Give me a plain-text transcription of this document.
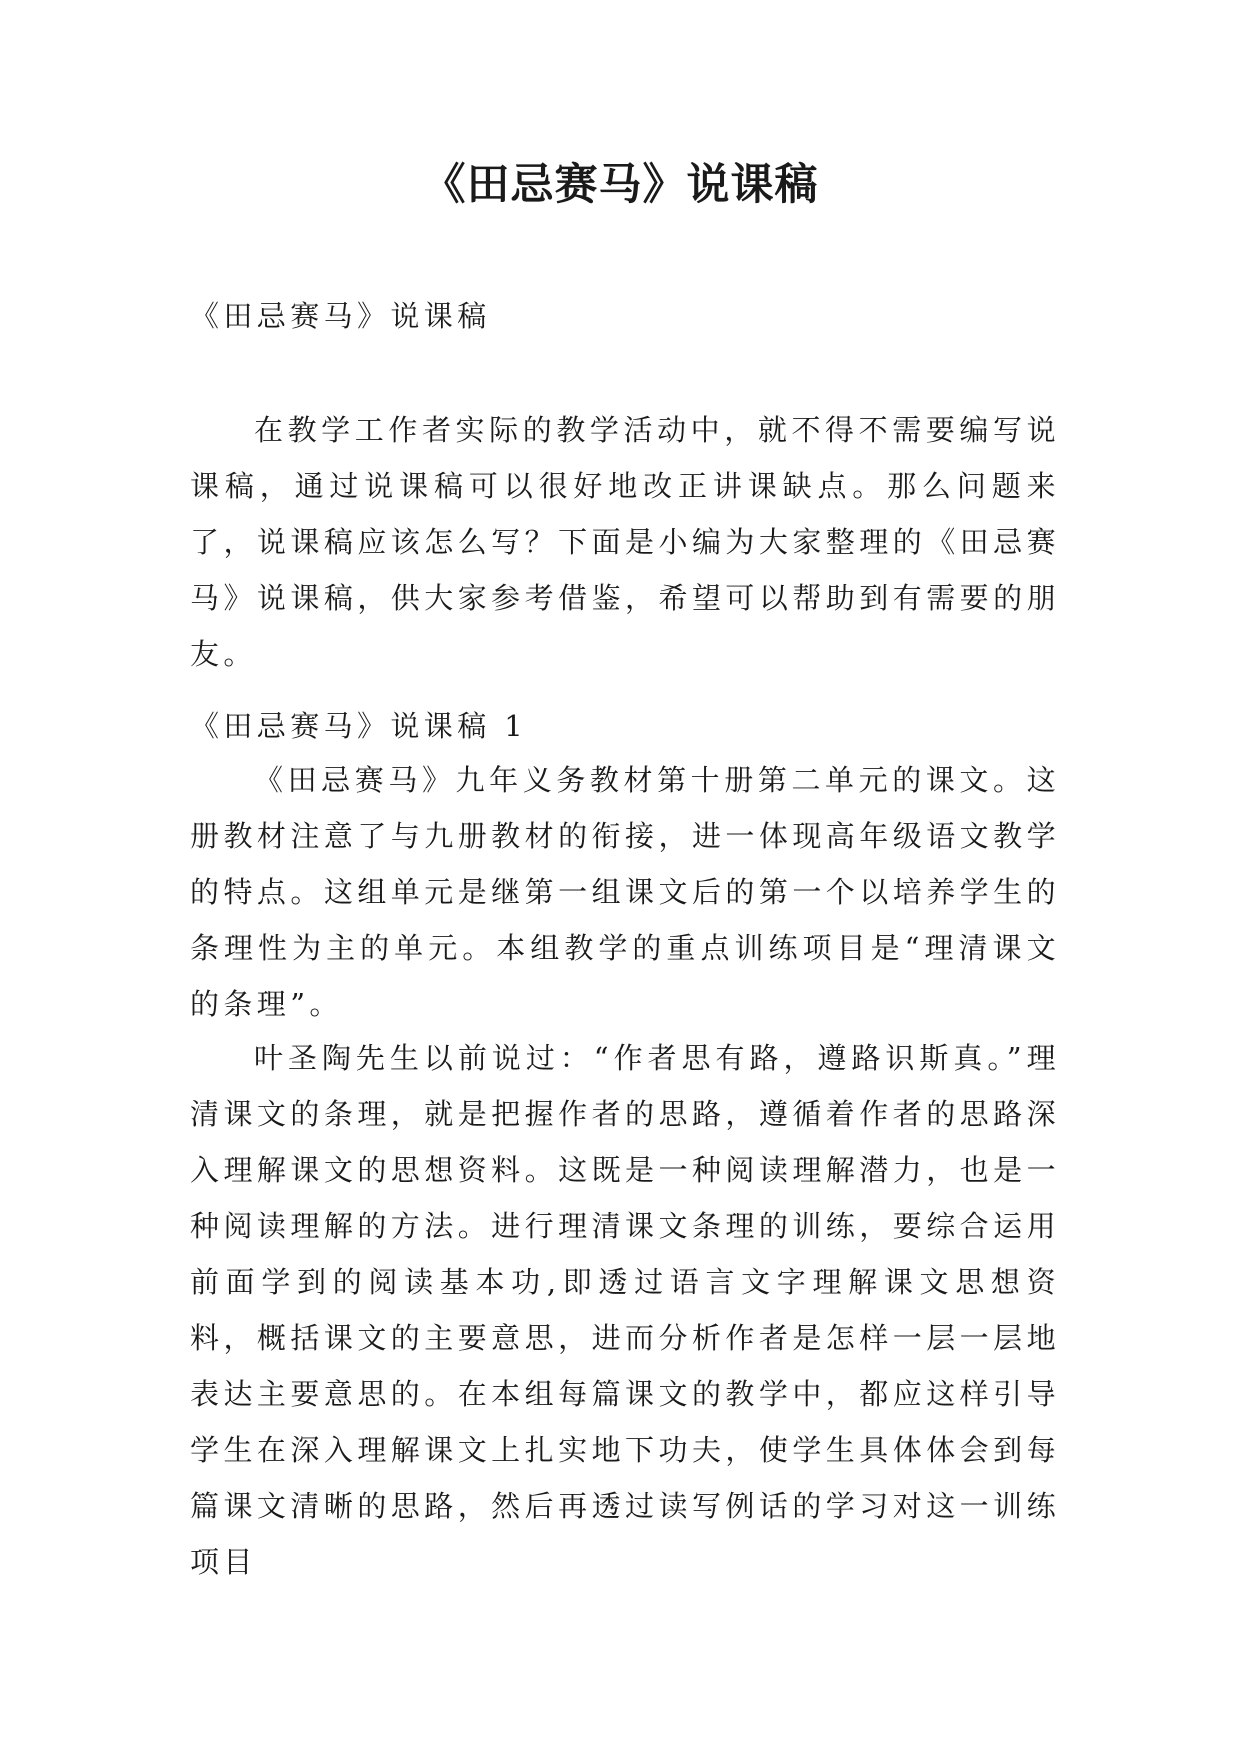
《田忌赛马》说课稿

《田忌赛马》说课稿

在教学工作者实际的教学活动中，就不得不需要编写说课稿，通过说课稿可以很好地改正讲课缺点。那么问题来了，说课稿应该怎么写？下面是小编为大家整理的《田忌赛马》说课稿，供大家参考借鉴，希望可以帮助到有需要的朋友。

《田忌赛马》说课稿 1

《田忌赛马》九年义务教材第十册第二单元的课文。这册教材注意了与九册教材的衔接，进一体现高年级语文教学的特点。这组单元是继第一组课文后的第一个以培养学生的条理性为主的单元。本组教学的重点训练项目是“理清课文的条理”。

叶圣陶先生以前说过：“作者思有路，遵路识斯真。”理清课文的条理，就是把握作者的思路，遵循着作者的思路深入理解课文的思想资料。这既是一种阅读理解潜力，也是一种阅读理解的方法。进行理清课文条理的训练，要综合运用前面学到的阅读基本功,即透过语言文字理解课文思想资料，概括课文的主要意思，进而分析作者是怎样一层一层地表达主要意思的。在本组每篇课文的教学中，都应这样引导学生在深入理解课文上扎实地下功夫，使学生具体体会到每篇课文清晰的思路，然后再透过读写例话的学习对这一训练项目
